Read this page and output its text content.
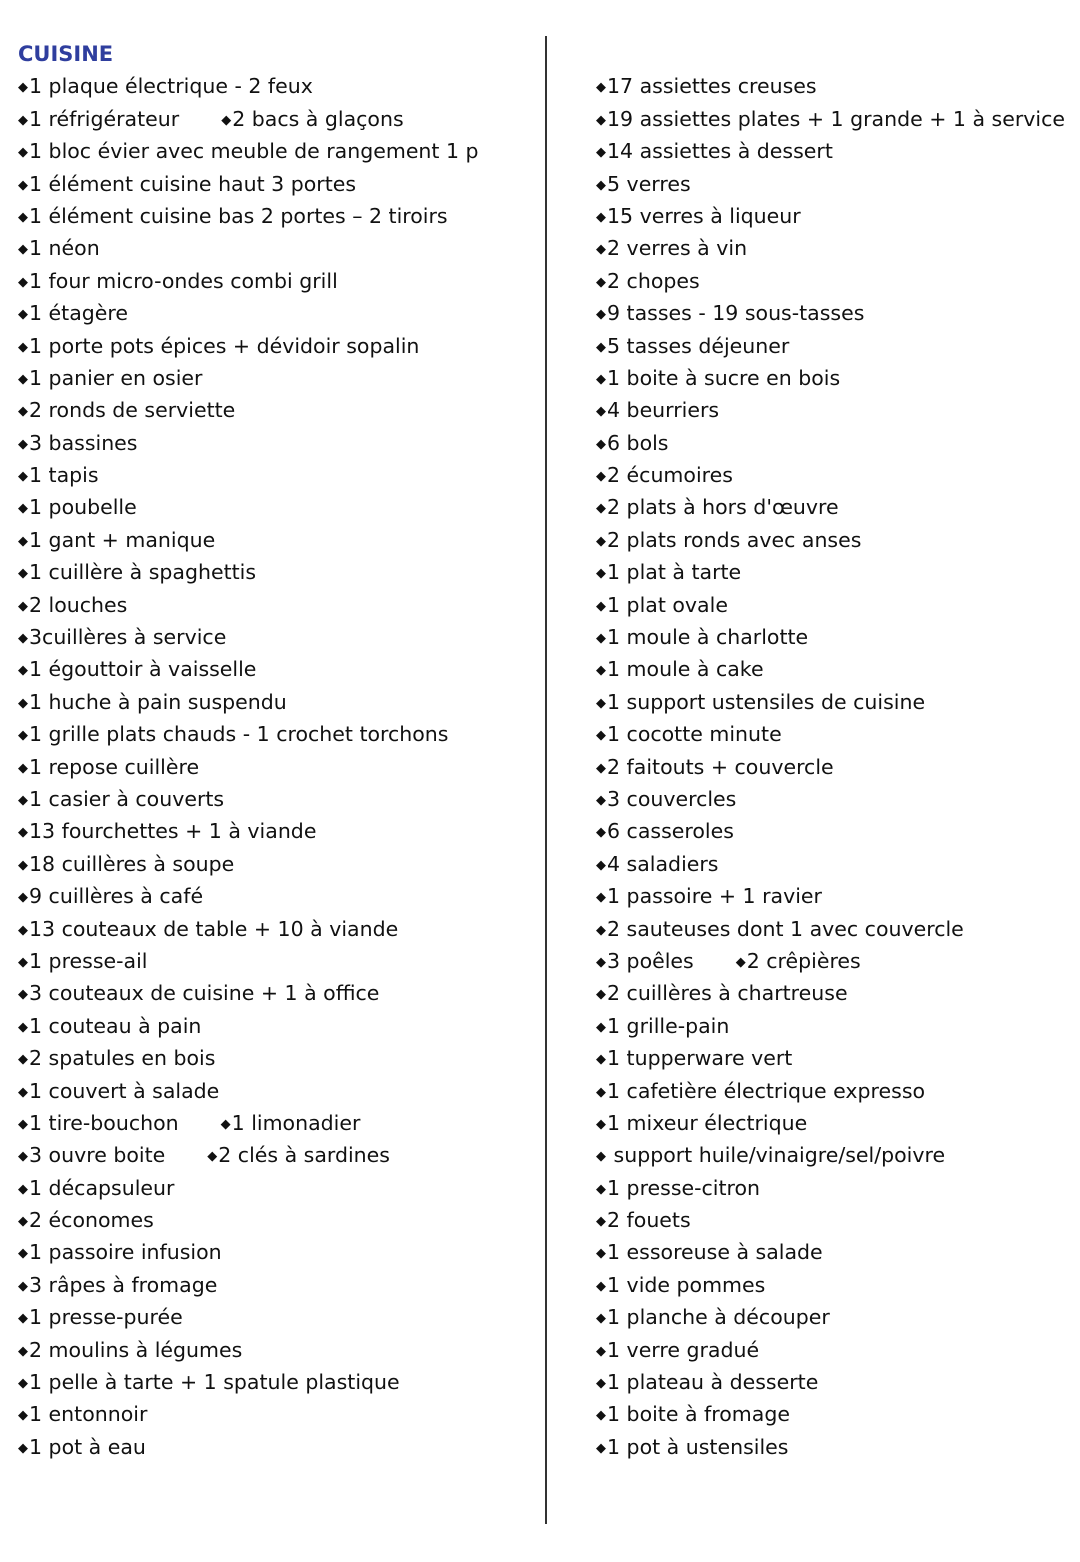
CUISINE
◆1 plaque électrique - 2 feux
◆1 réfrigérateur	◆2 bacs à glaçons
◆1 bloc évier avec meuble de rangement 1 p
◆1 élément cuisine haut 3 portes
◆1 élément cuisine bas 2 portes – 2 tiroirs
◆1 néon
◆1 four micro-ondes combi grill
◆1 étagère
◆1 porte pots épices + dévidoir sopalin
◆1 panier en osier
◆2 ronds de serviette
◆3 bassines
◆1 tapis
◆1 poubelle
◆1 gant + manique
◆1 cuillère à spaghettis
◆2 louches
◆3cuillères à service
◆1 égouttoir à vaisselle
◆1 huche à pain suspendu
◆1 grille plats chauds - 1 crochet torchons
◆1 repose cuillère
◆1 casier à couverts
◆13 fourchettes + 1 à viande
◆18 cuillères à soupe
◆9 cuillères à café
◆13 couteaux de table + 10 à viande
◆1 presse-ail
◆3 couteaux de cuisine + 1 à office
◆1 couteau à pain
◆2 spatules en bois
◆1 couvert à salade
◆1 tire-bouchon	◆1 limonadier
◆3 ouvre boite	◆2 clés à sardines
◆1 décapsuleur
◆2 économes
◆1 passoire infusion
◆3 râpes à fromage
◆1 presse-purée
◆2 moulins à légumes
◆1 pelle à tarte + 1 spatule plastique
◆1 entonnoir
◆1 pot à eau
◆17 assiettes creuses
◆19 assiettes plates + 1 grande + 1 à service
◆14 assiettes à dessert
◆5 verres
◆15 verres à liqueur
◆2 verres à vin
◆2 chopes
◆9 tasses - 19 sous-tasses
◆5 tasses déjeuner
◆1 boite à sucre en bois
◆4 beurriers
◆6 bols
◆2 écumoires
◆2 plats à hors d'œuvre
◆2 plats ronds avec anses
◆1 plat à tarte
◆1 plat ovale
◆1 moule à charlotte
◆1 moule à cake
◆1 support ustensiles de cuisine
◆1 cocotte minute
◆2 faitouts + couvercle
◆3 couvercles
◆6 casseroles
◆4 saladiers
◆1 passoire + 1 ravier
◆2 sauteuses dont 1 avec couvercle
◆3 poêles	◆2 crêpières
◆2 cuillères à chartreuse
◆1 grille-pain
◆1 tupperware vert
◆1 cafetière électrique expresso
◆1 mixeur électrique
◆ support huile/vinaigre/sel/poivre
◆1 presse-citron
◆2 fouets
◆1 essoreuse à salade
◆1 vide pommes
◆1 planche à découper
◆1 verre gradué
◆1 plateau à desserte
◆1 boite à fromage
◆1 pot à ustensiles
